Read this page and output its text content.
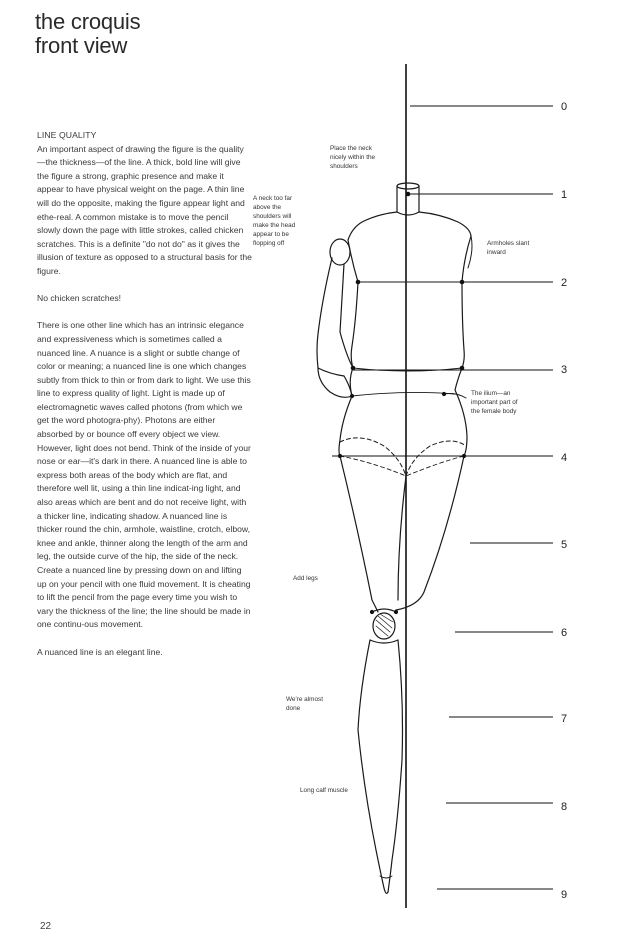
the croquis
front view

LINE QUALITY

An important aspect of drawing the figure is the quality—the thickness—of the line. A thick, bold line will give the figure a strong, graphic presence and make it appear to have physical weight on the page. A thin line will do the opposite, making the figure appear light and ethe-real. A common mistake is to move the pencil slowly down the page with little strokes, called chicken scratches. This is a definite "do not do" as it gives the illusion of texture as opposed to a structural basis for the figure.

No chicken scratches!

There is one other line which has an intrinsic elegance and expressiveness which is sometimes called a nuanced line. A nuance is a slight or subtle change of color or meaning; a nuanced line is one which changes subtly from thick to thin or from dark to light. We use this line to express quality of light. Light is made up of electromagnetic waves called photons (from which we get the word photogra-phy). Photons are either absorbed by or bounce off every object we view. However, light does not bend. Think of the inside of your nose or ear—it's dark in there. A nuanced line is able to express both areas of the body which are flat, and therefore well lit, using a thin line indicat-ing light, and also areas which are bent and do not receive light, with a thicker line, indicating shadow. A nuanced line is thicker round the chin, armhole, waistline, crotch, elbow, knee and ankle, thinner along the length of the arm and leg, the outside curve of the hip, the side of the neck. Create a nuanced line by pressing down on and lifting up on your pencil with one fluid movement. It is cheating to lift the pencil from the page every time you wish to vary the thickness of the line; the line should be made in one continu-ous movement.

A nuanced line is an elegant line.

0
1
2
3
4
5
6
7
8
9
Place the neck
nicely within the
shoulders
A neck too far
above the
shoulders will
make the head
appear to be
flopping off	Armholes slant
inward
The ilium—an
important part of
the female body
Add legs
We're almost
done
Long calf muscle
22
